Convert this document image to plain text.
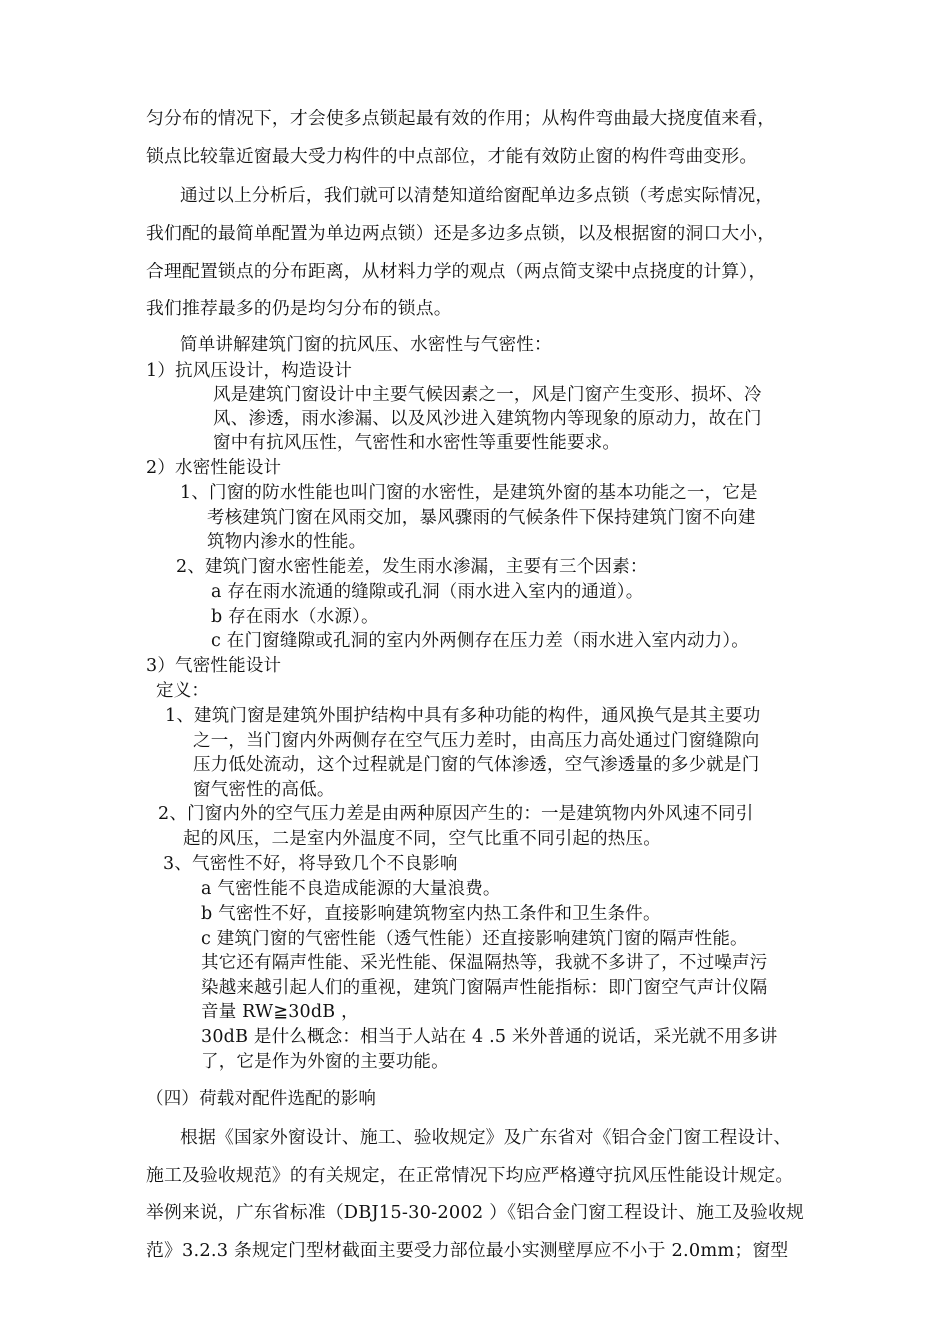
匀分布的情况下，才会使多点锁起最有效的作用；从构件弯曲最大挠度值来看，
锁点比较靠近窗最大受力构件的中点部位，才能有效防止窗的构件弯曲变形。
通过以上分析后，我们就可以清楚知道给窗配单边多点锁（考虑实际情况，
我们配的最简单配置为单边两点锁）还是多边多点锁，以及根据窗的洞口大小，
合理配置锁点的分布距离，从材料力学的观点（两点简支梁中点挠度的计算），
我们推荐最多的仍是均匀分布的锁点。
简单讲解建筑门窗的抗风压、水密性与气密性：
1）抗风压设计，构造设计
风是建筑门窗设计中主要气候因素之一，风是门窗产生变形、损坏、冷
风、渗透，雨水渗漏、以及风沙进入建筑物内等现象的原动力，故在门
窗中有抗风压性，气密性和水密性等重要性能要求。
2）水密性能设计
1、门窗的防水性能也叫门窗的水密性，是建筑外窗的基本功能之一，它是
考核建筑门窗在风雨交加，暴风骤雨的气候条件下保持建筑门窗不向建
筑物内渗水的性能。
2、建筑门窗水密性能差，发生雨水渗漏，主要有三个因素：
a 存在雨水流通的缝隙或孔洞（雨水进入室内的通道）。
b 存在雨水（水源）。
c 在门窗缝隙或孔洞的室内外两侧存在压力差（雨水进入室内动力）。
3）气密性能设计
定义：
1、建筑门窗是建筑外围护结构中具有多种功能的构件，通风换气是其主要功
之一，当门窗内外两侧存在空气压力差时，由高压力高处通过门窗缝隙向
压力低处流动，这个过程就是门窗的气体渗透，空气渗透量的多少就是门
窗气密性的高低。
2、门窗内外的空气压力差是由两种原因产生的：一是建筑物内外风速不同引
起的风压，二是室内外温度不同，空气比重不同引起的热压。
3、气密性不好，将导致几个不良影响
a 气密性能不良造成能源的大量浪费。
b 气密性不好，直接影响建筑物室内热工条件和卫生条件。
c 建筑门窗的气密性能（透气性能）还直接影响建筑门窗的隔声性能。
其它还有隔声性能、采光性能、保温隔热等，我就不多讲了，不过噪声污
染越来越引起人们的重视，建筑门窗隔声性能指标：即门窗空气声计仪隔
音量 RW≧30dB ，
30dB 是什么概念：相当于人站在 4 .5 米外普通的说话，采光就不用多讲
了，它是作为外窗的主要功能。
（四）荷载对配件选配的影响
根据《国家外窗设计、施工、验收规定》及广东省对《铝合金门窗工程设计、
施工及验收规范》的有关规定，在正常情况下均应严格遵守抗风压性能设计规定。
举例来说，广东省标准（DBJ15-30-2002 ）《铝合金门窗工程设计、施工及验收规
范》3.2.3 条规定门型材截面主要受力部位最小实测壁厚应不小于 2.0mm；窗型
